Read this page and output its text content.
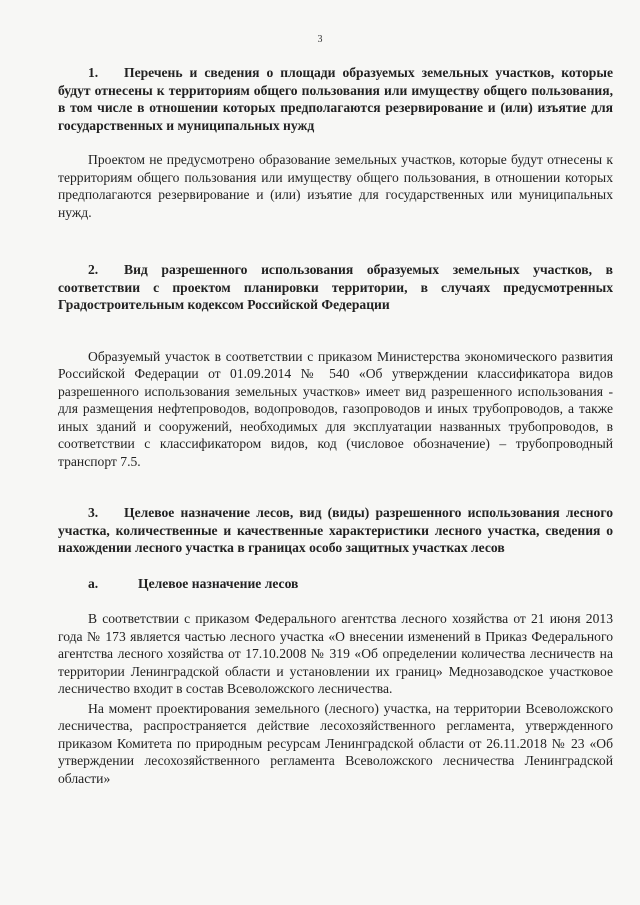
3

1. Перечень и сведения о площади образуемых земельных участков, которые будут отнесены к территориям общего пользования или имуществу общего пользования, в том числе в отношении которых предполагаются резервирование и (или) изъятие для государственных и муниципальных нужд

Проектом не предусмотрено образование земельных участков, которые будут отнесены к территориям общего пользования или имуществу общего пользования, в отношении которых предполагаются резервирование и (или) изъятие для государственных или муниципальных нужд.

2. Вид разрешенного использования образуемых земельных участков, в соответствии с проектом планировки территории, в случаях предусмотренных Градостроительным кодексом Российской Федерации

Образуемый участок в соответствии с приказом Министерства экономического развития Российской Федерации от 01.09.2014 № 540 «Об утверждении классификатора видов разрешенного использования земельных участков» имеет вид разрешенного использования - для размещения нефтепроводов, водопроводов, газопроводов и иных трубопроводов, а также иных зданий и сооружений, необходимых для эксплуатации названных трубопроводов, в соответствии с классификатором видов, код (числовое обозначение) – трубопроводный транспорт 7.5.

3. Целевое назначение лесов, вид (виды) разрешенного использования лесного участка, количественные и качественные характеристики лесного участка, сведения о нахождении лесного участка в границах особо защитных участках лесов

a.	Целевое назначение лесов

В соответствии с приказом Федерального агентства лесного хозяйства от 21 июня 2013 года № 173 является частью лесного участка «О внесении изменений в Приказ Федерального агентства лесного хозяйства от 17.10.2008 № 319 «Об определении количества лесничеств на территории Ленинградской области и установлении их границ» Меднозаводское участковое лесничество входит в состав Всеволожского лесничества.

На момент проектирования земельного (лесного) участка, на территории Всеволожского лесничества, распространяется действие лесохозяйственного регламента, утвержденного приказом Комитета по природным ресурсам Ленинградской области от 26.11.2018 № 23 «Об утверждении лесохозяйственного регламента Всеволожского лесничества Ленинградской области»
